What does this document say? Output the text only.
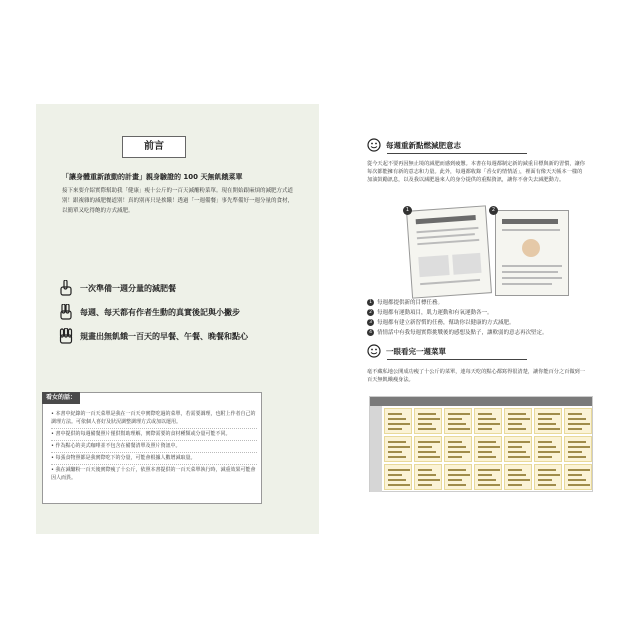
前言
「讓身體重新啟動的計畫」親身驗證的 100 天無飢餓菜單
接下來要介紹實際幫助我「健康」瘦十公斤的一百天減醣粉菜單。現在開始跟麻煩的減肥方式道別！跟複雜的減肥餐道別！真的別再只是挨餓！透過「一週備餐」事先準備好一週分量的食材，以簡單又吃得飽的方式減肥。
一次準備一週分量的減肥餐
每週、每天都有作者生動的真實後記與小撇步
規畫出無飢餓一百天的早餐、午餐、晚餐和點心
看女的話：
• 本書中紀錄的一百天菜單是我在一百天中實際吃過的菜單，若需要調理，也附上作者自己的調理方法。可依個人喜好及狀況調整調理方式或加以運用。
• 書中提供的每週備餐照片僅供幫助理解，實際需要的食材種類或分量可能不同。
• 作為點心的美式咖啡並不包含在備餐清單及照片資訊中。
• 每張食物照都是我實際吃下的分量，可能會根據人數增減取量。
• 我在減醣粉一百天後實際瘦了十公斤，依照本書提供的一百天菜單執行時，減重效果可能會因人而異。
每週重新點燃減肥意志
從今天起不要再因無止境的減肥而感到疲憊。本書在每週都制定新的減重目標與新的習慣，讓你每次都能擁有新的意志和力量。此外，每週都收錄「香女的情情話」，裡面有像天天帳本一樣的加油鼓勵訊息，以及我以減肥過來人的身分提供的重點資訊，讓你不會失去減肥動力。
1	2
1 每週都提供新的目標任務。
2 每週都有運動項目，肌力運動和有氧運動各一。
3 每週都有建立新習慣的任務，幫助你以健康的方式減肥。
4 情情話中有我每週實際挑戰後的感想及點子，讓軟弱的意志再次堅定。
一眼看完一週菜單
毫不藏私地公開成功瘦了十公斤的菜單，連每天吃的點心都寫得很清楚，讓你能百分之百做到一百天無飢餓瘦身法。
